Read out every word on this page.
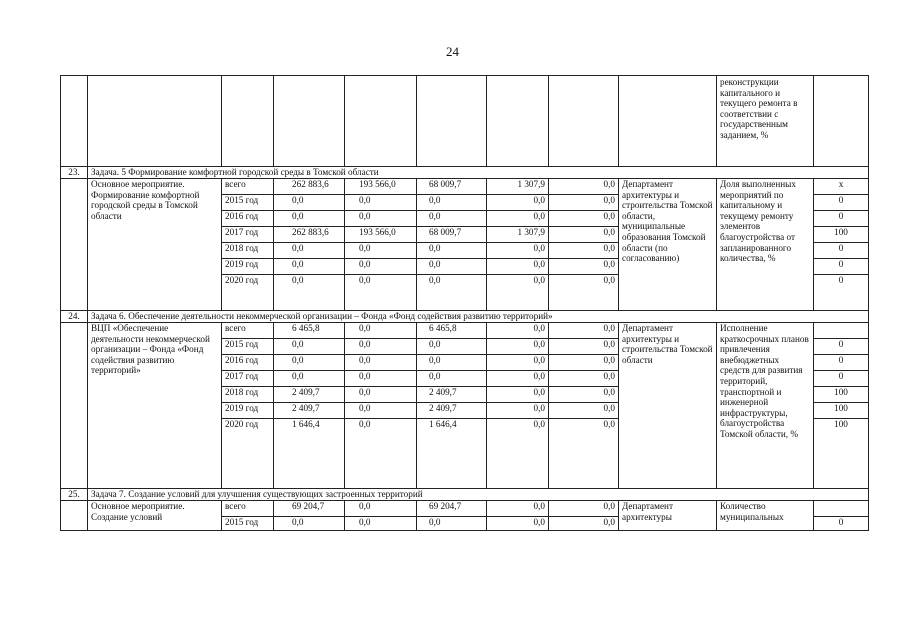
24
									реконструкции капитального и текущего ремонта в соответствии с государственным заданием, %	
23.	Задача. 5 Формирование комфортной городской среды в Томской области									
	Основное мероприятие. Формирование комфортной городской среды в Томской области	всего	262 883,6	193 566,0	68 009,7	1 307,9	0,0	Департамент архитектуры и строительства Томской области, муниципальные образования Томской области (по согласованию)	Доля выполненных мероприятий по капитальному и текущему ремонту элементов благоустройства от запланированного количества, %	х
		2015 год	0,0	0,0	0,0	0,0	0,0			0
		2016 год	0,0	0,0	0,0	0,0	0,0			0
		2017 год	262 883,6	193 566,0	68 009,7	1 307,9	0,0			100
		2018 год	0,0	0,0	0,0	0,0	0,0			0
		2019 год	0,0	0,0	0,0	0,0	0,0			0
		2020 год	0,0	0,0	0,0	0,0	0,0			0
24.	Задача 6. Обеспечение деятельности некоммерческой организации – Фонда «Фонд содействия развитию территорий»									
	ВЦП «Обеспечение деятельности некоммерческой организации – Фонда «Фонд содействия развитию территорий»	всего	6 465,8	0,0	6 465,8	0,0	0,0	Департамент архитектуры и строительства Томской области	Исполнение краткосрочных планов привлечения внебюджетных средств для развития территорий, транспортной и инженерной инфраструктуры, благоустройства Томской области, %	
		2015 год	0,0	0,0	0,0	0,0	0,0			0
		2016 год	0,0	0,0	0,0	0,0	0,0			0
		2017 год	0,0	0,0	0,0	0,0	0,0			0
		2018 год	2 409,7	0,0	2 409,7	0,0	0,0			100
		2019 год	2 409,7	0,0	2 409,7	0,0	0,0			100
		2020 год	1 646,4	0,0	1 646,4	0,0	0,0			100
25.	Задача 7. Создание условий для улучшения существующих застроенных территорий									
	Основное мероприятие. Создание условий	всего	69 204,7	0,0	69 204,7	0,0	0,0	Департамент архитектуры	Количество муниципальных	
		2015 год	0,0	0,0	0,0	0,0	0,0			0
